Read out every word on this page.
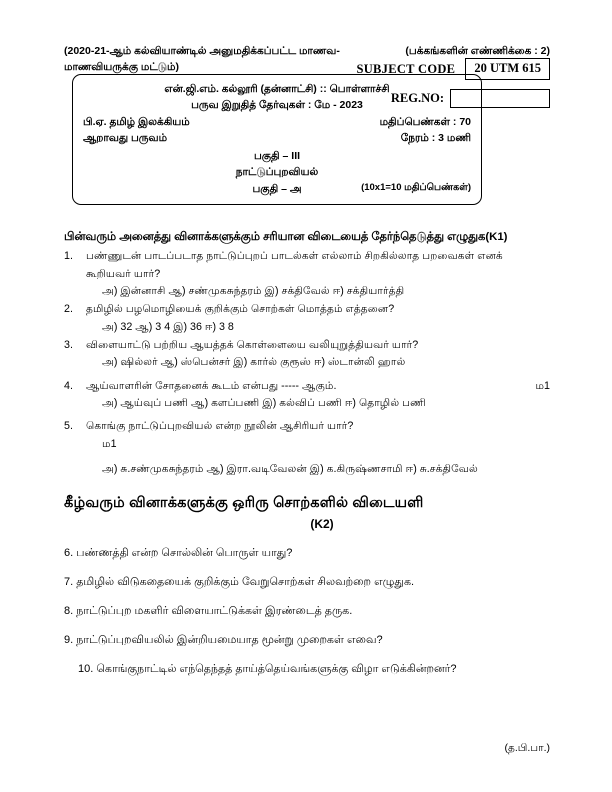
(2020-21-ஆம் கல்வியாண்டில் அனுமதிக்கப்பட்ட மாணவ-மாணவியருக்கு மட்டும்)
(பக்கங்களின் எண்ணிக்கை : 2)
SUBJECT CODE	20 UTM 615
REG.NO:
என்.ஜி.எம். கல்லூரி (தன்னாட்சி) :: பொள்ளாச்சி
பருவ இறுதித் தேர்வுகள் : மே - 2023
பி.ஏ. தமிழ் இலக்கியம்	மதிப்பெண்கள் : 70
ஆறாவது பருவம்	நேரம் : 3 மணி
பகுதி – III
நாட்டுப்புறவியல்
பகுதி – அ	(10x1=10 மதிப்பெண்கள்)
பின்வரும் அனைத்து வினாக்களுக்கும் சரியான விடையைத் தேர்ந்தெடுத்து எழுதுக(K1)
1.	பண்ணுடன் பாடப்படாத நாட்டுப்புறப் பாடல்கள் எல்லாம் சிறகில்லாத பறவைகள் எனக் கூறியவர் யார்?
அ) இன்னாசி ஆ) சண்முகசுந்தரம் இ) சக்திவேல் ஈ) சக்தியார்த்தி
2.	தமிழில் பழமொழியைக் குறிக்கும் சொற்கள் மொத்தம் எத்தனை?
அ) 32 ஆ) 3 4 இ) 36 ஈ) 3 8
3.	விளையாட்டு பற்றிய ஆயத்தக் கொள்ளையை வலியுறுத்தியவர் யார்?
அ) ஷில்லர் ஆ) ஸ்பென்சர் இ) கார்ல் குரூஸ் ஈ) ஸ்டான்லி ஹால்
4.	ஆய்வாளரின் சோதனைக் கூடம் என்பது ----- ஆகும்.	ம1
அ) ஆய்வுப் பணி ஆ) களப்பணி இ) கல்விப் பணி ஈ) தொழில் பணி
5.	கொங்கு நாட்டுப்புறவியல் என்ற நூலின் ஆசிரியர் யார்?
ம1
அ) சு.சண்முகசுந்தரம் ஆ) இரா.வடிவேலன் இ) க.கிருஷ்ணசாமி ஈ) சு.சக்திவேல்
கீழ்வரும் வினாக்களுக்கு ஒரிரு சொற்களில் விடையளி
(K2)
6. பண்ணத்தி என்ற சொல்லின் பொருள் யாது?
7. தமிழில் விடுகதையைக் குறிக்கும் வேறுசொற்கள் சிலவற்றை எழுதுக.
8. நாட்டுப்புற மகளிர் விளையாட்டுக்கள் இரண்டைத் தருக.
9. நாட்டுப்புறவியலில் இன்றியமையாத மூன்று முறைகள் எவை?
10. கொங்குநாட்டில் எந்தெந்தத் தாய்த்தெய்வங்களுக்கு விழா எடுக்கின்றனர்?
(த.பி.பா.)
